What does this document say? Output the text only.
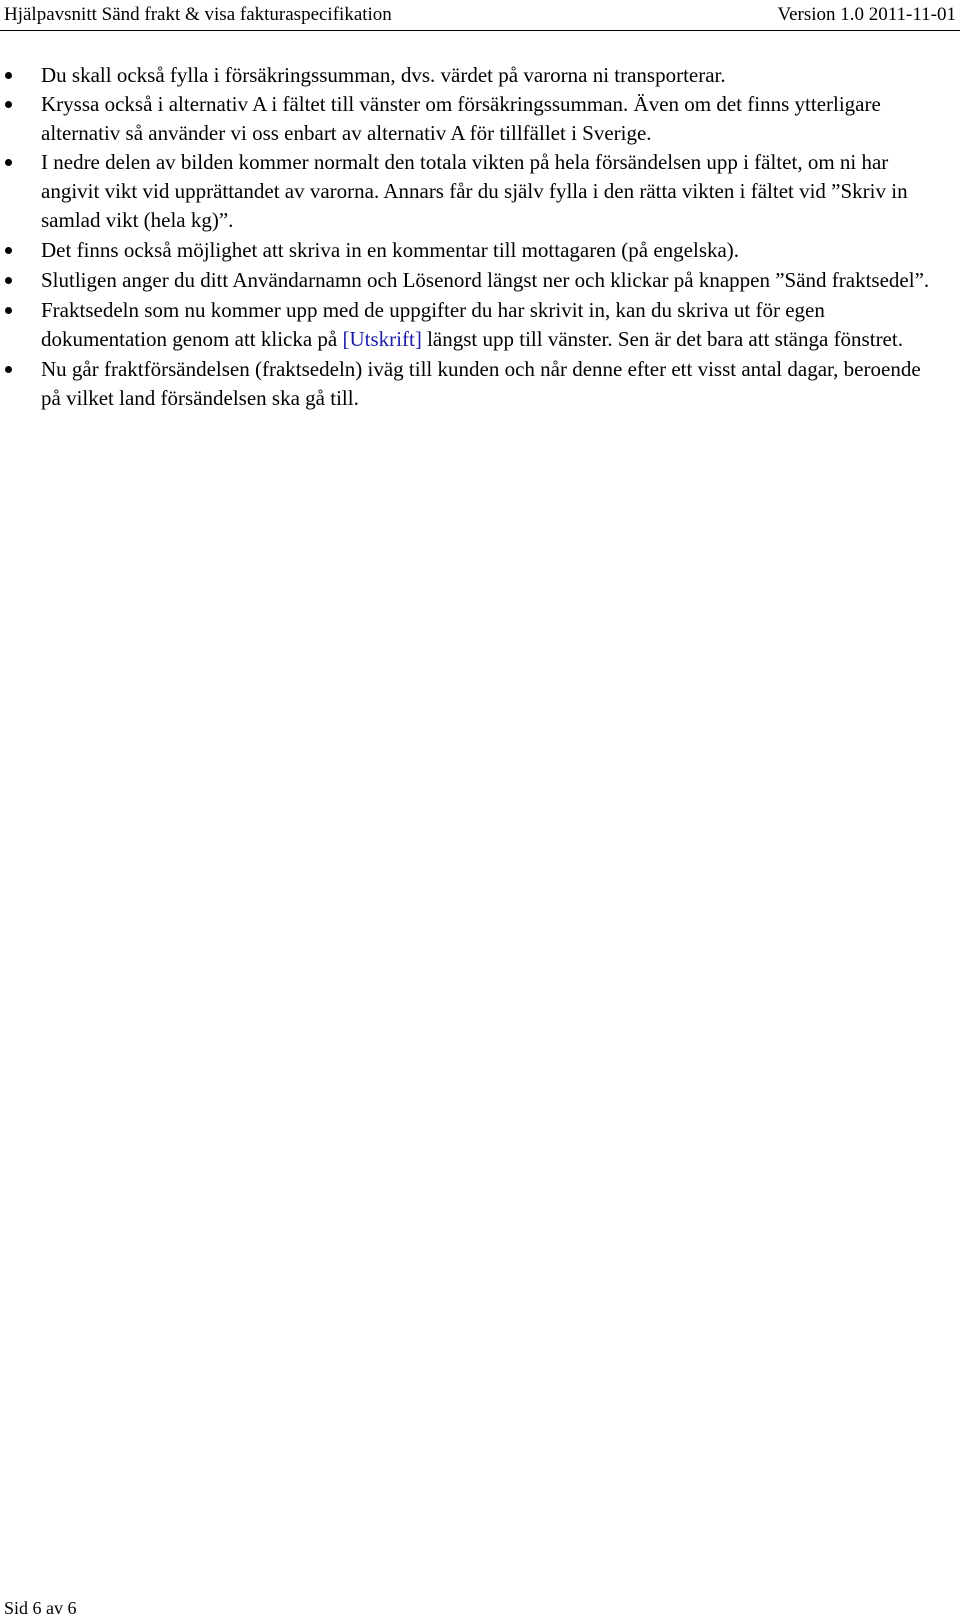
Hjälpavsnitt Sänd frakt & visa fakturaspecifikation	Version 1.0 2011-11-01
Du skall också fylla i försäkringssumman, dvs. värdet på varorna ni transporterar.
Kryssa också i alternativ A i fältet till vänster om försäkringssumman. Även om det finns ytterligare alternativ så använder vi oss enbart av alternativ A för tillfället i Sverige.
I nedre delen av bilden kommer normalt den totala vikten på hela försändelsen upp i fältet, om ni har angivit vikt vid upprättandet av varorna. Annars får du själv fylla i den rätta vikten i fältet vid ”Skriv in samlad vikt (hela kg)”.
Det finns också möjlighet att skriva in en kommentar till mottagaren (på engelska).
Slutligen anger du ditt Användarnamn och Lösenord längst ner och klickar på knappen ”Sänd fraktsedel”.
Fraktsedeln som nu kommer upp med de uppgifter du har skrivit in, kan du skriva ut för egen dokumentation genom att klicka på [Utskrift] längst upp till vänster. Sen är det bara att stänga fönstret.
Nu går fraktförsändelsen (fraktsedeln) iväg till kunden och når denne efter ett visst antal dagar, beroende på vilket land försändelsen ska gå till.
Sid 6 av 6
